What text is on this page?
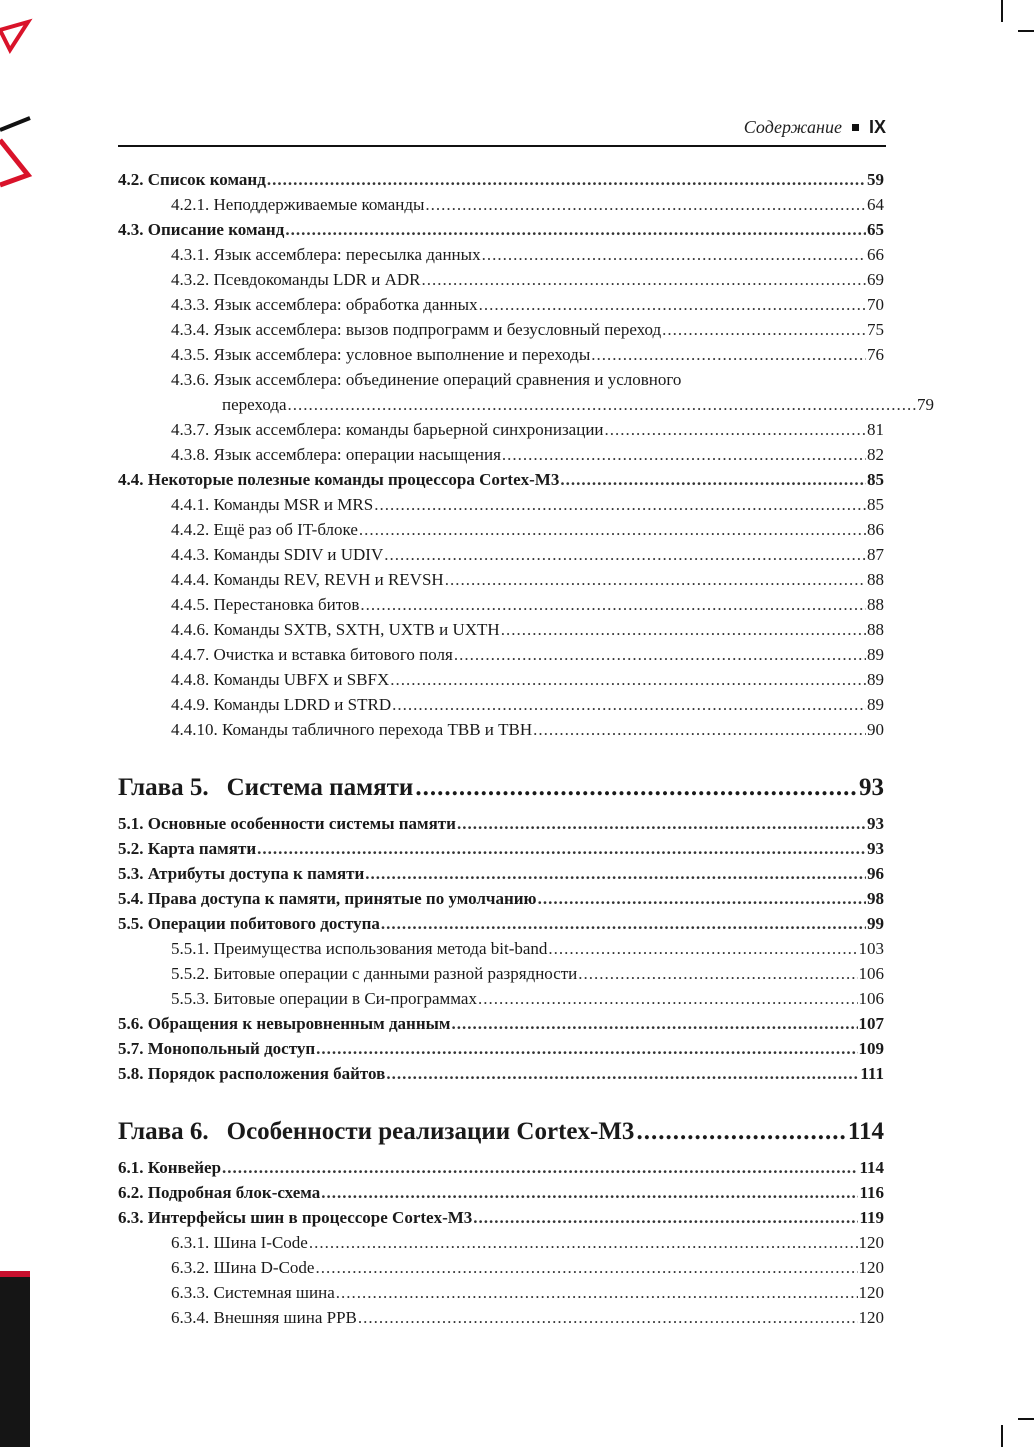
Содержание IX
4.2. Список команд .....	59
4.2.1. Неподдерживаемые команды .....	64
4.3. Описание команд .....	65
4.3.1. Язык ассемблера: пересылка данных .....	66
4.3.2. Псевдокоманды LDR и ADR .....	69
4.3.3. Язык ассемблера: обработка данных .....	70
4.3.4. Язык ассемблера: вызов подпрограмм и безусловный переход .....	75
4.3.5. Язык ассемблера: условное выполнение и переходы .....	76
4.3.6. Язык ассемблера: объединение операций сравнения и условного
перехода .....	79
4.3.7. Язык ассемблера: команды барьерной синхронизации .....	81
4.3.8. Язык ассемблера: операции насыщения .....	82
4.4. Некоторые полезные команды процессора Cortex-M3 .....	85
4.4.1. Команды MSR и MRS .....	85
4.4.2. Ещё раз об IT-блоке .....	86
4.4.3. Команды SDIV и UDIV .....	87
4.4.4. Команды REV, REVH и REVSH .....	88
4.4.5. Перестановка битов .....	88
4.4.6. Команды SXTB, SXTH, UXTB и UXTH .....	88
4.4.7. Очистка и вставка битового поля .....	89
4.4.8. Команды UBFX и SBFX .....	89
4.4.9. Команды LDRD и STRD .....	89
4.4.10. Команды табличного перехода TBB и TBH .....	90
Глава 5. Система памяти .....	93
5.1. Основные особенности системы памяти .....	93
5.2. Карта памяти .....	93
5.3. Атрибуты доступа к памяти .....	96
5.4. Права доступа к памяти, принятые по умолчанию .....	98
5.5. Операции побитового доступа .....	99
5.5.1. Преимущества использования метода bit-band .....	103
5.5.2. Битовые операции с данными разной разрядности .....	106
5.5.3. Битовые операции в Си-программах .....	106
5.6. Обращения к невыровненным данным .....	107
5.7. Монопольный доступ .....	109
5.8. Порядок расположения байтов .....	111
Глава 6. Особенности реализации Cortex-M3 .....	114
6.1. Конвейер .....	114
6.2. Подробная блок-схема .....	116
6.3. Интерфейсы шин в процессоре Cortex-M3 .....	119
6.3.1. Шина I-Code .....	120
6.3.2. Шина D-Code .....	120
6.3.3. Системная шина .....	120
6.3.4. Внешняя шина PPB .....	120
